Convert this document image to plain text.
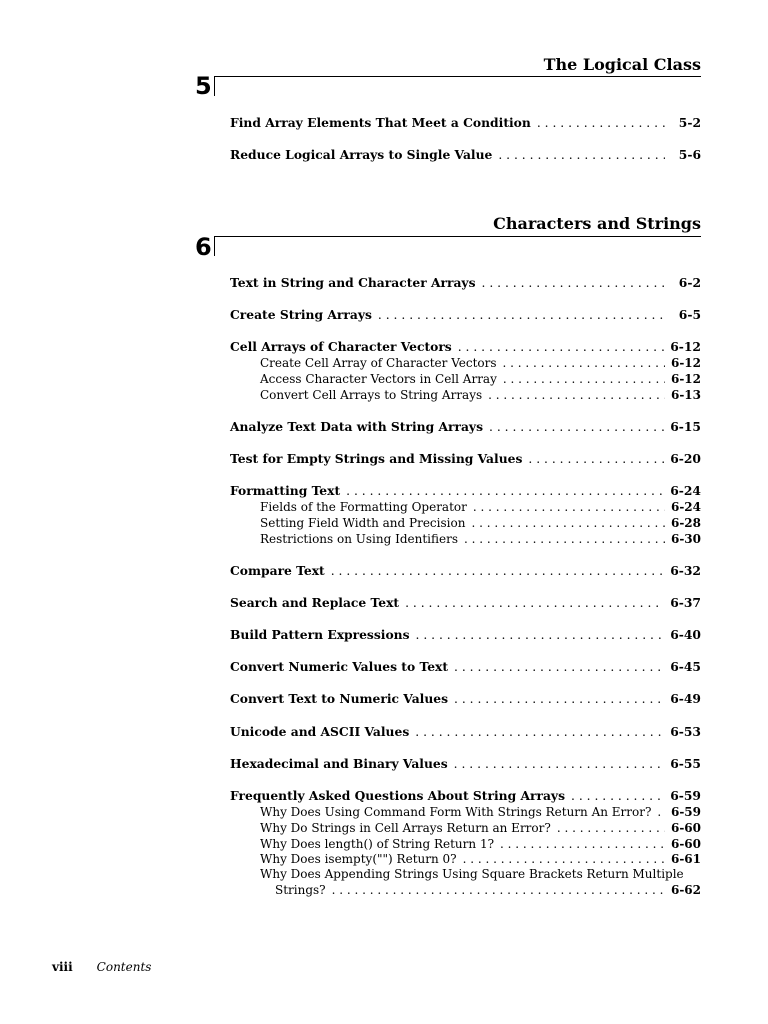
The Logical Class
5
Find Array Elements That Meet a Condition . . .	5-2
Reduce Logical Arrays to Single Value . . .	5-6
Characters and Strings
6
Text in String and Character Arrays . . .	6-2
Create String Arrays . . .	6-5
Cell Arrays of Character Vectors . . .	6-12
Create Cell Array of Character Vectors . . .	6-12
Access Character Vectors in Cell Array . . .	6-12
Convert Cell Arrays to String Arrays . . .	6-13
Analyze Text Data with String Arrays . . .	6-15
Test for Empty Strings and Missing Values . . .	6-20
Formatting Text . . .	6-24
Fields of the Formatting Operator . . .	6-24
Setting Field Width and Precision . . .	6-28
Restrictions on Using Identifiers . . .	6-30
Compare Text . . .	6-32
Search and Replace Text . . .	6-37
Build Pattern Expressions . . .	6-40
Convert Numeric Values to Text . . .	6-45
Convert Text to Numeric Values . . .	6-49
Unicode and ASCII Values . . .	6-53
Hexadecimal and Binary Values . . .	6-55
Frequently Asked Questions About String Arrays . . .	6-59
Why Does Using Command Form With Strings Return An Error? . . . 6-59
Why Do Strings in Cell Arrays Return an Error? . . .	6-60
Why Does length() of String Return 1? . . .	6-60
Why Does isempty("") Return 0? . . .	6-61
Why Does Appending Strings Using Square Brackets Return Multiple
Strings? . . .	6-62
viii Contents
